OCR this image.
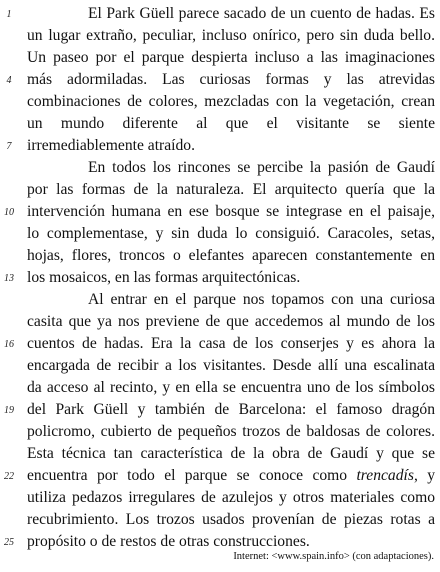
El Park Güell parece sacado de un cuento de hadas. Es
un lugar extraño, peculiar, incluso onírico, pero sin duda bello.
Un paseo por el parque despierta incluso a las imaginaciones
más adormiladas. Las curiosas formas y las atrevidas
combinaciones de colores, mezcladas con la vegetación, crean
un mundo diferente al que el visitante se siente
irremediablemente atraído.
En todos los rincones se percibe la pasión de Gaudí
por las formas de la naturaleza. El arquitecto quería que la
intervención humana en ese bosque se integrase en el paisaje,
lo complementase, y sin duda lo consiguió. Caracoles, setas,
hojas, flores, troncos o elefantes aparecen constantemente en
los mosaicos, en las formas arquitectónicas.
Al entrar en el parque nos topamos con una curiosa
casita que ya nos previene de que accedemos al mundo de los
cuentos de hadas. Era la casa de los conserjes y es ahora la
encargada de recibir a los visitantes. Desde allí una escalinata
da acceso al recinto, y en ella se encuentra uno de los símbolos
del Park Güell y también de Barcelona: el famoso dragón
policromo, cubierto de pequeños trozos de baldosas de colores.
Esta técnica tan característica de la obra de Gaudí y que se
encuentra por todo el parque se conoce como trencadís, y
utiliza pedazos irregulares de azulejos y otros materiales como
recubrimiento. Los trozos usados provenían de piezas rotas a
propósito o de restos de otras construcciones.
1
4
7
10
13
16
19
22
25
Internet: <www.spain.info> (con adaptaciones).
